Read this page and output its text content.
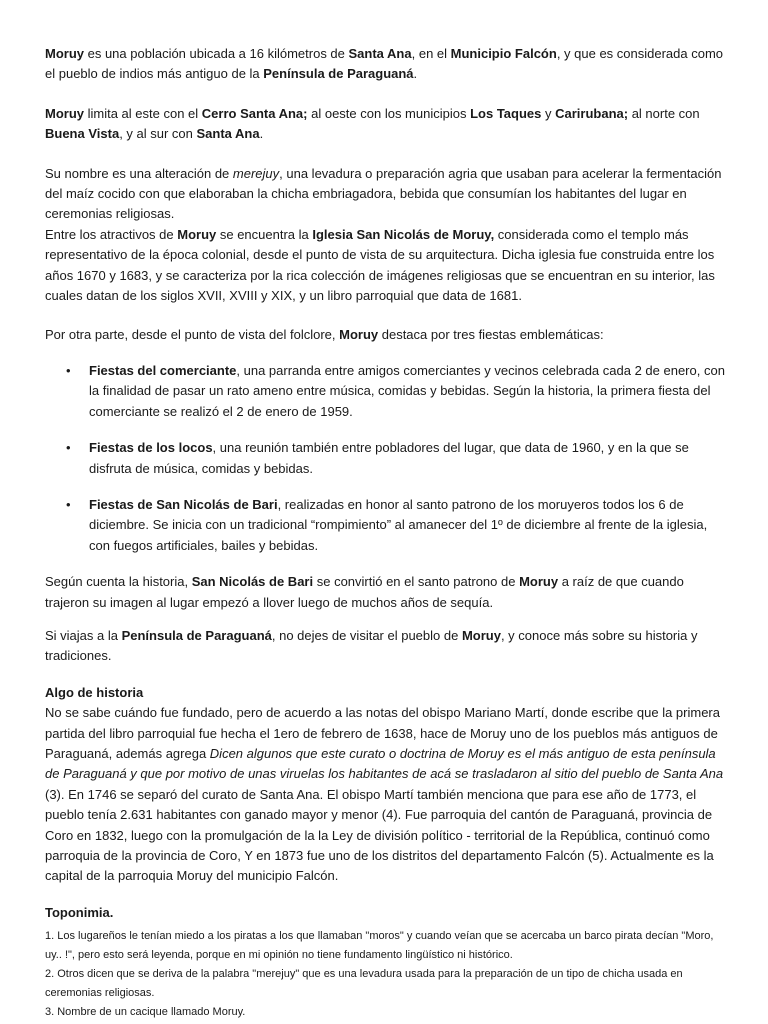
Moruy es una población ubicada a 16 kilómetros de Santa Ana, en el Municipio Falcón, y que es considerada como el pueblo de indios más antiguo de la Península de Paraguaná.

Moruy limita al este con el Cerro Santa Ana; al oeste con los municipios Los Taques y Carirubana; al norte con Buena Vista, y al sur con Santa Ana.

Su nombre es una alteración de merejuy, una levadura o preparación agria que usaban para acelerar la fermentación del maíz cocido con que elaboraban la chicha embriagadora, bebida que consumían los habitantes del lugar en ceremonias religiosas.

Entre los atractivos de Moruy se encuentra la Iglesia San Nicolás de Moruy, considerada como el templo más representativo de la época colonial, desde el punto de vista de su arquitectura. Dicha iglesia fue construida entre los años 1670 y 1683, y se caracteriza por la rica colección de imágenes religiosas que se encuentran en su interior, las cuales datan de los siglos XVII, XVIII y XIX, y un libro parroquial que data de 1681.

Por otra parte, desde el punto de vista del folclore, Moruy destaca por tres fiestas emblemáticas:

• Fiestas del comerciante, una parranda entre amigos comerciantes y vecinos celebrada cada 2 de enero, con la finalidad de pasar un rato ameno entre música, comidas y bebidas. Según la historia, la primera fiesta del comerciante se realizó el 2 de enero de 1959.
• Fiestas de los locos, una reunión también entre pobladores del lugar, que data de 1960, y en la que se disfruta de música, comidas y bebidas.
• Fiestas de San Nicolás de Bari, realizadas en honor al santo patrono de los moruyeros todos los 6 de diciembre. Se inicia con un tradicional “rompimiento” al amanecer del 1º de diciembre al frente de la iglesia, con fuegos artificiales, bailes y bebidas.

Según cuenta la historia, San Nicolás de Bari se convirtió en el santo patrono de Moruy a raíz de que cuando trajeron su imagen al lugar empezó a llover luego de muchos años de sequía.

Si viajas a la Península de Paraguaná, no dejes de visitar el pueblo de Moruy, y conoce más sobre su historia y tradiciones.

Algo de historia

No se sabe cuándo fue fundado, pero de acuerdo a las notas del obispo Mariano Martí, donde escribe que la primera partida del libro parroquial fue hecha el 1ero de febrero de 1638, hace de Moruy uno de los pueblos más antiguos de Paraguaná, además agrega Dicen algunos que este curato o doctrina de Moruy es el más antiguo de esta península de Paraguaná y que por motivo de unas viruelas los habitantes de acá se trasladaron al sitio del pueblo de Santa Ana (3). En 1746 se separó del curato de Santa Ana. El obispo Martí también menciona que para ese año de 1773, el pueblo tenía 2.631 habitantes con ganado mayor y menor (4). Fue parroquia del cantón de Paraguaná, provincia de Coro en 1832, luego con la promulgación de la la Ley de división político - territorial de la República, continuó como parroquia de la provincia de Coro, Y en 1873 fue uno de los distritos del departamento Falcón (5). Actualmente es la capital de la parroquia Moruy del municipio Falcón.

Toponimia.

1. Los lugareños le tenían miedo a los piratas a los que llamaban "moros" y cuando veían que se acercaba un barco pirata decían "Moro, uy.. !", pero esto será leyenda, porque en mi opinión no tiene fundamento lingüístico ni histórico.
2. Otros dicen que se deriva de la palabra "merejuy" que es una levadura usada para la preparación de un tipo de chicha usada en ceremonias religiosas.
3. Nombre de un cacique llamado Moruy.
